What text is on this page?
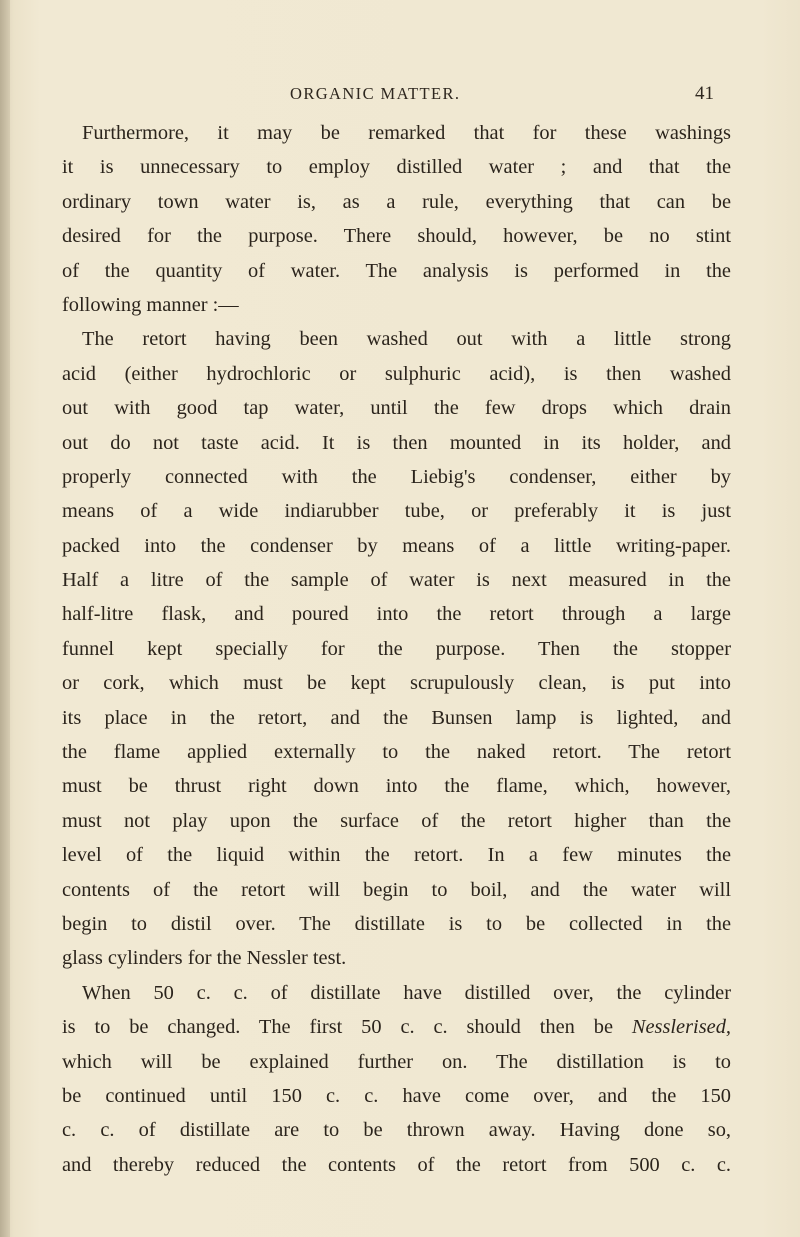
ORGANIC MATTER.	41
Furthermore, it may be remarked that for these washings
it is unnecessary to employ distilled water ; and that the
ordinary town water is, as a rule, everything that can be
desired for the purpose. There should, however, be no stint
of the quantity of water. The analysis is performed in the
following manner :—
The retort having been washed out with a little strong
acid (either hydrochloric or sulphuric acid), is then washed
out with good tap water, until the few drops which drain
out do not taste acid. It is then mounted in its holder, and
properly connected with the Liebig's condenser, either by
means of a wide indiarubber tube, or preferably it is just
packed into the condenser by means of a little writing-paper.
Half a litre of the sample of water is next measured in the
half-litre flask, and poured into the retort through a large
funnel kept specially for the purpose. Then the stopper
or cork, which must be kept scrupulously clean, is put into
its place in the retort, and the Bunsen lamp is lighted, and
the flame applied externally to the naked retort. The retort
must be thrust right down into the flame, which, however,
must not play upon the surface of the retort higher than the
level of the liquid within the retort. In a few minutes the
contents of the retort will begin to boil, and the water will
begin to distil over. The distillate is to be collected in the
glass cylinders for the Nessler test.
When 50 c. c. of distillate have distilled over, the cylinder
is to be changed. The first 50 c. c. should then be Nesslerised,
which will be explained further on. The distillation is to
be continued until 150 c. c. have come over, and the 150
c. c. of distillate are to be thrown away. Having done so,
and thereby reduced the contents of the retort from 500 c. c.
